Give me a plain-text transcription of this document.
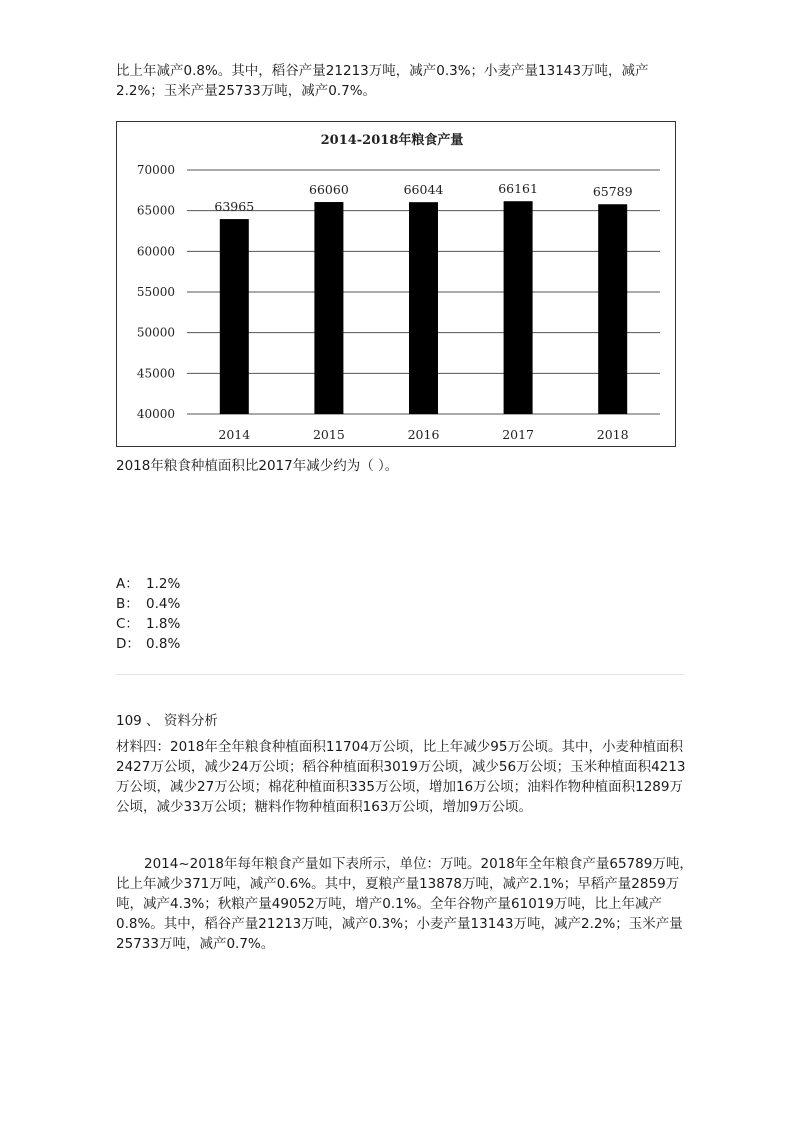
比上年减产0.8%。其中，稻谷产量21213万吨，减产0.3%；小麦产量13143万吨，减产2.2%；玉米产量25733万吨，减产0.7%。
2014-2018年粮食产量
40000
45000
50000
55000
60000
65000
70000
63965
66060	66044	66161	65789
2014	2015	2016	2017	2018
2018年粮食种植面积比2017年减少约为（ ）。
A： 1.2%
B： 0.4%
C： 1.8%
D： 0.8%
109 、 资料分析
材料四：2018年全年粮食种植面积11704万公顷，比上年减少95万公顷。其中，小麦种植面积2427万公顷，减少24万公顷；稻谷种植面积3019万公顷，减少56万公顷；玉米种植面积4213万公顷，减少27万公顷；棉花种植面积335万公顷，增加16万公顷；油料作物种植面积1289万公顷，减少33万公顷；糖料作物种植面积163万公顷，增加9万公顷。
2014~2018年每年粮食产量如下表所示，单位：万吨。2018年全年粮食产量65789万吨，比上年减少371万吨，减产0.6%。其中，夏粮产量13878万吨，减产2.1%；早稻产量2859万吨，减产4.3%；秋粮产量49052万吨，增产0.1%。全年谷物产量61019万吨，比上年减产0.8%。其中，稻谷产量21213万吨，减产0.3%；小麦产量13143万吨，减产2.2%；玉米产量25733万吨，减产0.7%。
